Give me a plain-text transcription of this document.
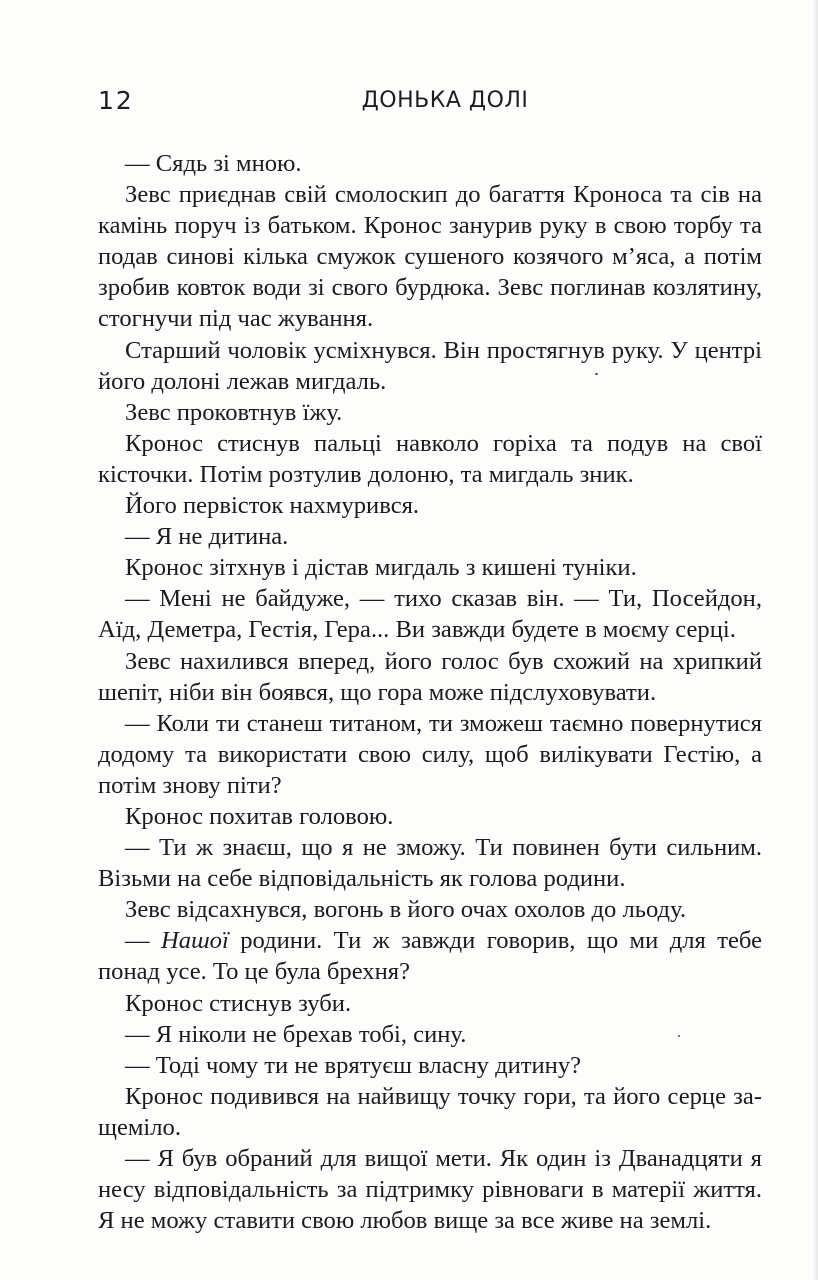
12	ДОНЬКА ДОЛІ

— Сядь зі мною.

Зевс приєднав свій смолоскип до багаття Кроноса та сів на камінь поруч із батьком. Кронос занурив руку в свою торбу та подав синові кілька смужок сушеного козячого м’яса, а потім зробив ковток води зі свого бурдюка. Зевс поглинав козлятину, стогнучи під час жування.

Старший чоловік усміхнувся. Він простягнув руку. У центрі його долоні лежав мигдаль.

Зевс проковтнув їжу.

Кронос стиснув пальці навколо горіха та подув на свої кісточки. Потім розтулив долоню, та мигдаль зник.

Його первісток нахмурився.

— Я не дитина.

Кронос зітхнув і дістав мигдаль з кишені туніки.

— Мені не байдуже, — тихо сказав він. — Ти, Посейдон, Аїд, Деметра, Гестія, Гера... Ви завжди будете в моєму серці.

Зевс нахилився вперед, його голос був схожий на хрипкий шепіт, ніби він боявся, що гора може підслуховувати.

— Коли ти станеш титаном, ти зможеш таємно повернутися додому та використати свою силу, щоб вилікувати Гестію, а потім знову піти?

Кронос похитав головою.

— Ти ж знаєш, що я не зможу. Ти повинен бути сильним. Візьми на себе відповідальність як голова родини.

Зевс відсахнувся, вогонь в його очах охолов до льоду.

— Нашої родини. Ти ж завжди говорив, що ми для тебе понад усе. То це була брехня?

Кронос стиснув зуби.

— Я ніколи не брехав тобі, сину.

— Тоді чому ти не врятуєш власну дитину?

Кронос подивився на найвищу точку гори, та його серце защеміло.

— Я був обраний для вищої мети. Як один із Дванадцяти я несу відповідальність за підтримку рівноваги в матерії життя. Я не можу ставити свою любов вище за все живе на землі.
